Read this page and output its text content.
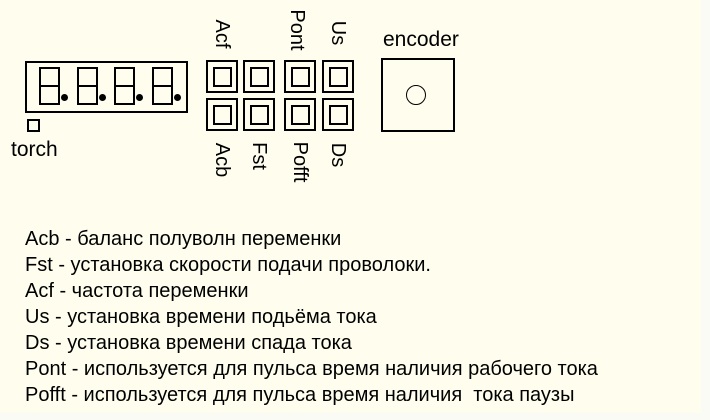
torch
Acf	Pont Us
Acb Fst Pofft Ds
encoder
Acb - баланс полуволн переменки
Fst - установка скорости подачи проволоки.
Acf - частота переменки
Us - установка времени подьёма тока
Ds - установка времени спада тока
Pont - используется для пульса время наличия рабочего тока
Pofft - используется для пульса время наличия  тока паузы
